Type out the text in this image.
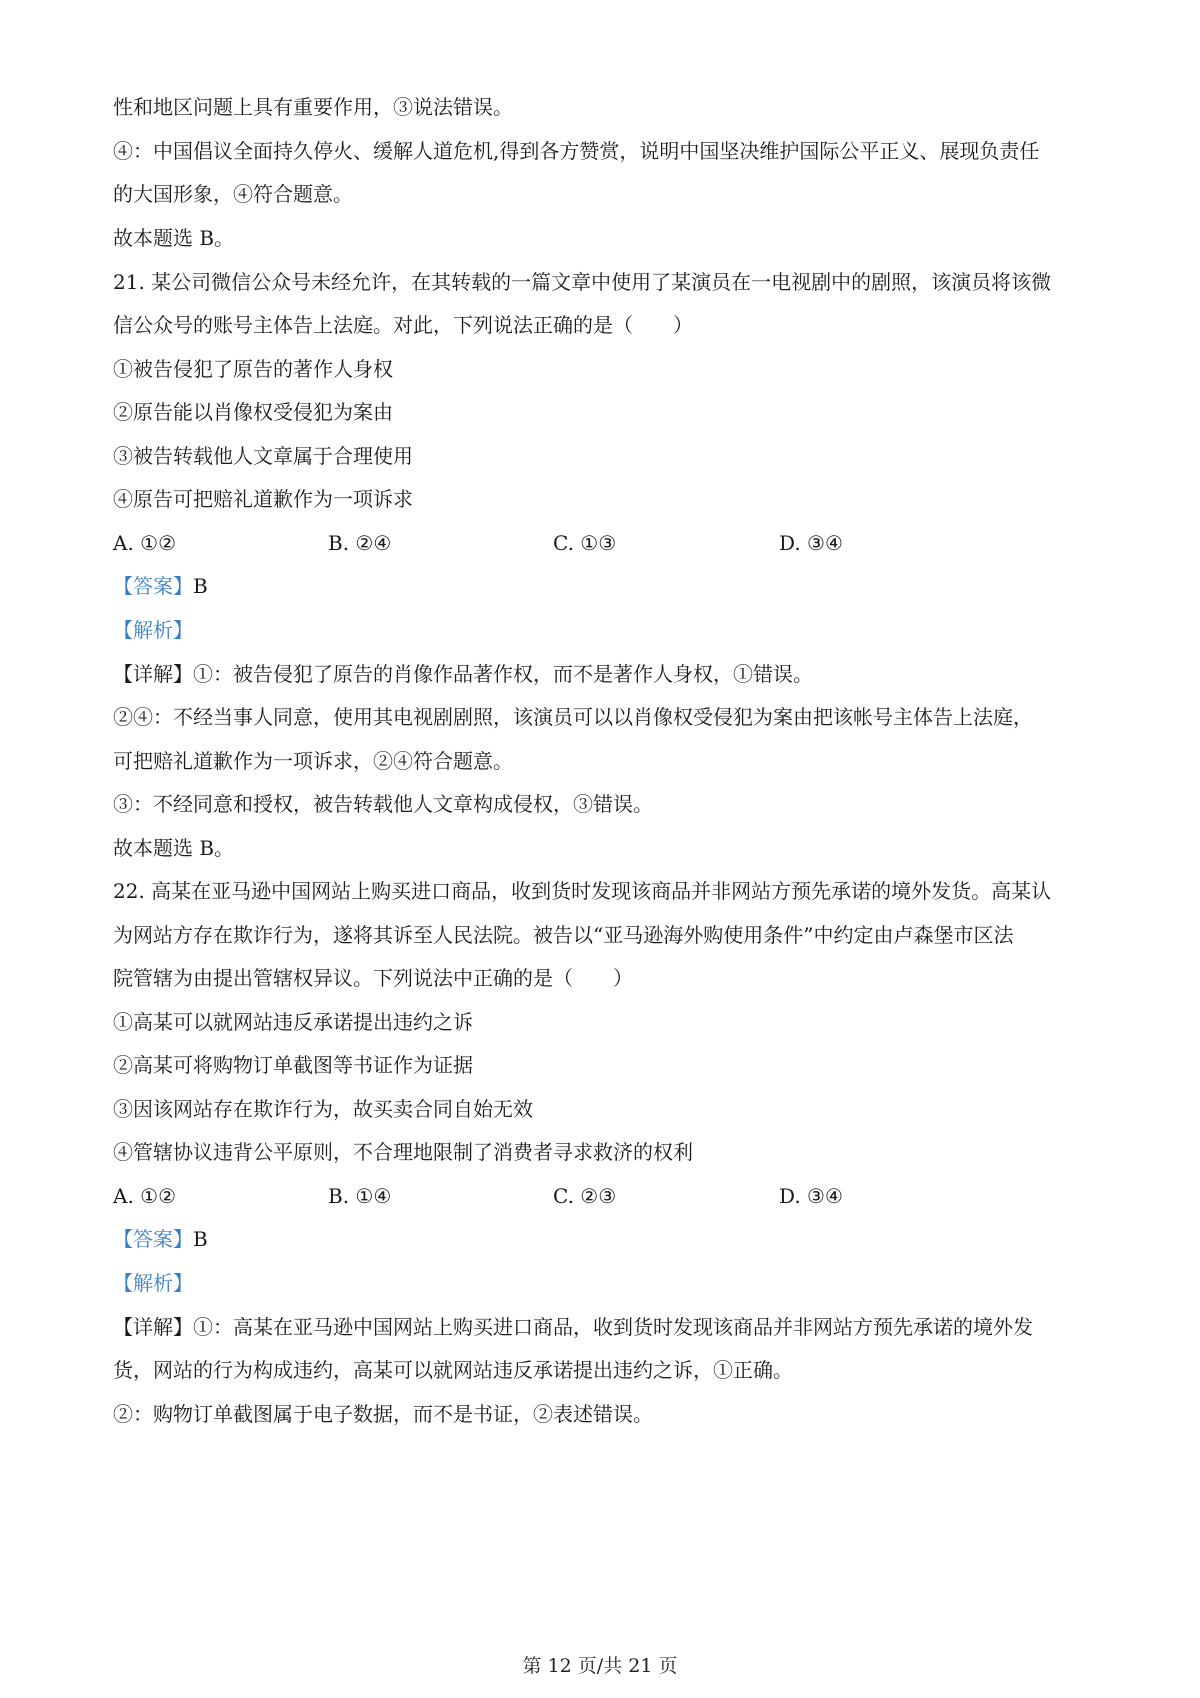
性和地区问题上具有重要作用，③说法错误。
④：中国倡议全面持久停火、缓解人道危机,得到各方赞赏，说明中国坚决维护国际公平正义、展现负责任
的大国形象，④符合题意。
故本题选 B。
21. 某公司微信公众号未经允许，在其转载的一篇文章中使用了某演员在一电视剧中的剧照，该演员将该微
信公众号的账号主体告上法庭。对此，下列说法正确的是（　　）
①被告侵犯了原告的著作人身权
②原告能以肖像权受侵犯为案由
③被告转载他人文章属于合理使用
④原告可把赔礼道歉作为一项诉求
A. ①②	B. ②④	C. ①③	D. ③④
【答案】B
【解析】
【详解】①：被告侵犯了原告的肖像作品著作权，而不是著作人身权，①错误。
②④：不经当事人同意，使用其电视剧剧照，该演员可以以肖像权受侵犯为案由把该帐号主体告上法庭，
可把赔礼道歉作为一项诉求，②④符合题意。
③：不经同意和授权，被告转载他人文章构成侵权，③错误。
故本题选 B。
22. 高某在亚马逊中国网站上购买进口商品，收到货时发现该商品并非网站方预先承诺的境外发货。高某认
为网站方存在欺诈行为，遂将其诉至人民法院。被告以“亚马逊海外购使用条件”中约定由卢森堡市区法
院管辖为由提出管辖权异议。下列说法中正确的是（　　）
①高某可以就网站违反承诺提出违约之诉
②高某可将购物订单截图等书证作为证据
③因该网站存在欺诈行为，故买卖合同自始无效
④管辖协议违背公平原则，不合理地限制了消费者寻求救济的权利
A. ①②	B. ①④	C. ②③	D. ③④
【答案】B
【解析】
【详解】①：高某在亚马逊中国网站上购买进口商品，收到货时发现该商品并非网站方预先承诺的境外发
货，网站的行为构成违约，高某可以就网站违反承诺提出违约之诉，①正确。
②：购物订单截图属于电子数据，而不是书证，②表述错误。
第 12 页/共 21 页
